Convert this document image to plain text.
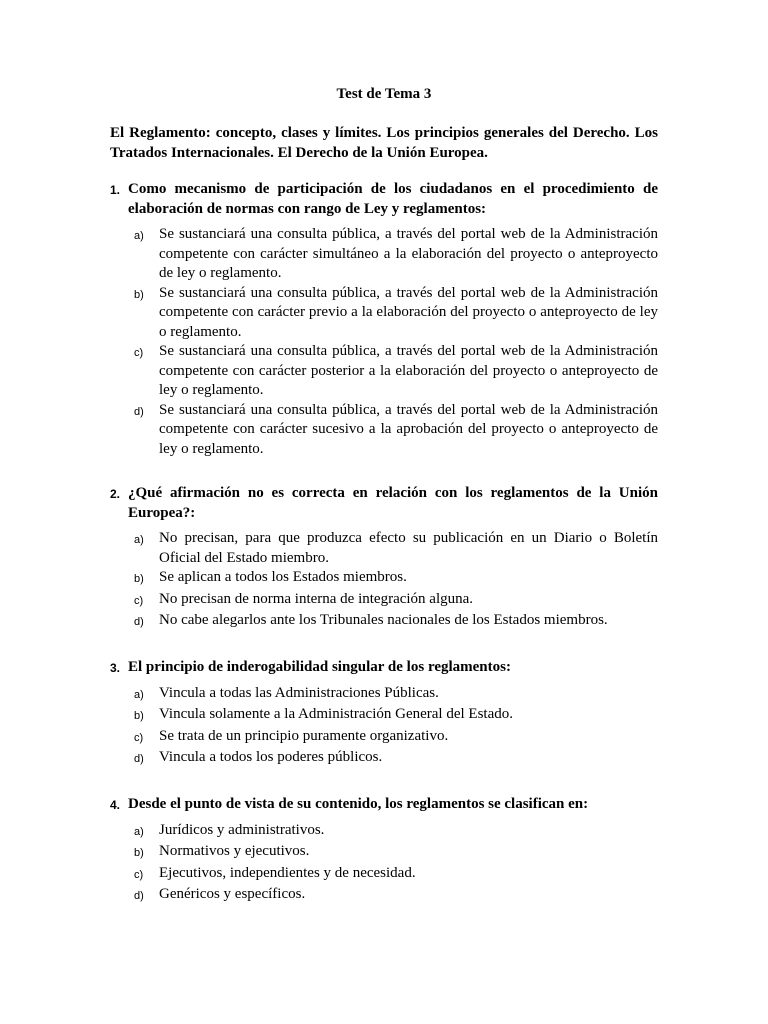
Test de Tema 3
El Reglamento: concepto, clases y límites. Los principios generales del Derecho. Los Tratados Internacionales. El Derecho de la Unión Europea.
1. Como mecanismo de participación de los ciudadanos en el procedimiento de elaboración de normas con rango de Ley y reglamentos:
a)	Se sustanciará una consulta pública, a través del portal web de la Administración competente con carácter simultáneo a la elaboración del proyecto o anteproyecto de ley o reglamento.
b)	Se sustanciará una consulta pública, a través del portal web de la Administración competente con carácter previo a la elaboración del proyecto o anteproyecto de ley o reglamento.
c)	Se sustanciará una consulta pública, a través del portal web de la Administración competente con carácter posterior a la elaboración del proyecto o anteproyecto de ley o reglamento.
d)	Se sustanciará una consulta pública, a través del portal web de la Administración competente con carácter sucesivo a la aprobación del proyecto o anteproyecto de ley o reglamento.
2. ¿Qué afirmación no es correcta en relación con los reglamentos de la Unión Europea?:
a)	No precisan, para que produzca efecto su publicación en un Diario o Boletín Oficial del Estado miembro.
b)	Se aplican a todos los Estados miembros.
c)	No precisan de norma interna de integración alguna.
d)	No cabe alegarlos ante los Tribunales nacionales de los Estados miembros.
3. El principio de inderogabilidad singular de los reglamentos:
a)	Vincula a todas las Administraciones Públicas.
b)	Vincula solamente a la Administración General del Estado.
c)	Se trata de un principio puramente organizativo.
d)	Vincula a todos los poderes públicos.
4. Desde el punto de vista de su contenido, los reglamentos se clasifican en:
a)	Jurídicos y administrativos.
b)	Normativos y ejecutivos.
c)	Ejecutivos, independientes y de necesidad.
d)	Genéricos y específicos.
